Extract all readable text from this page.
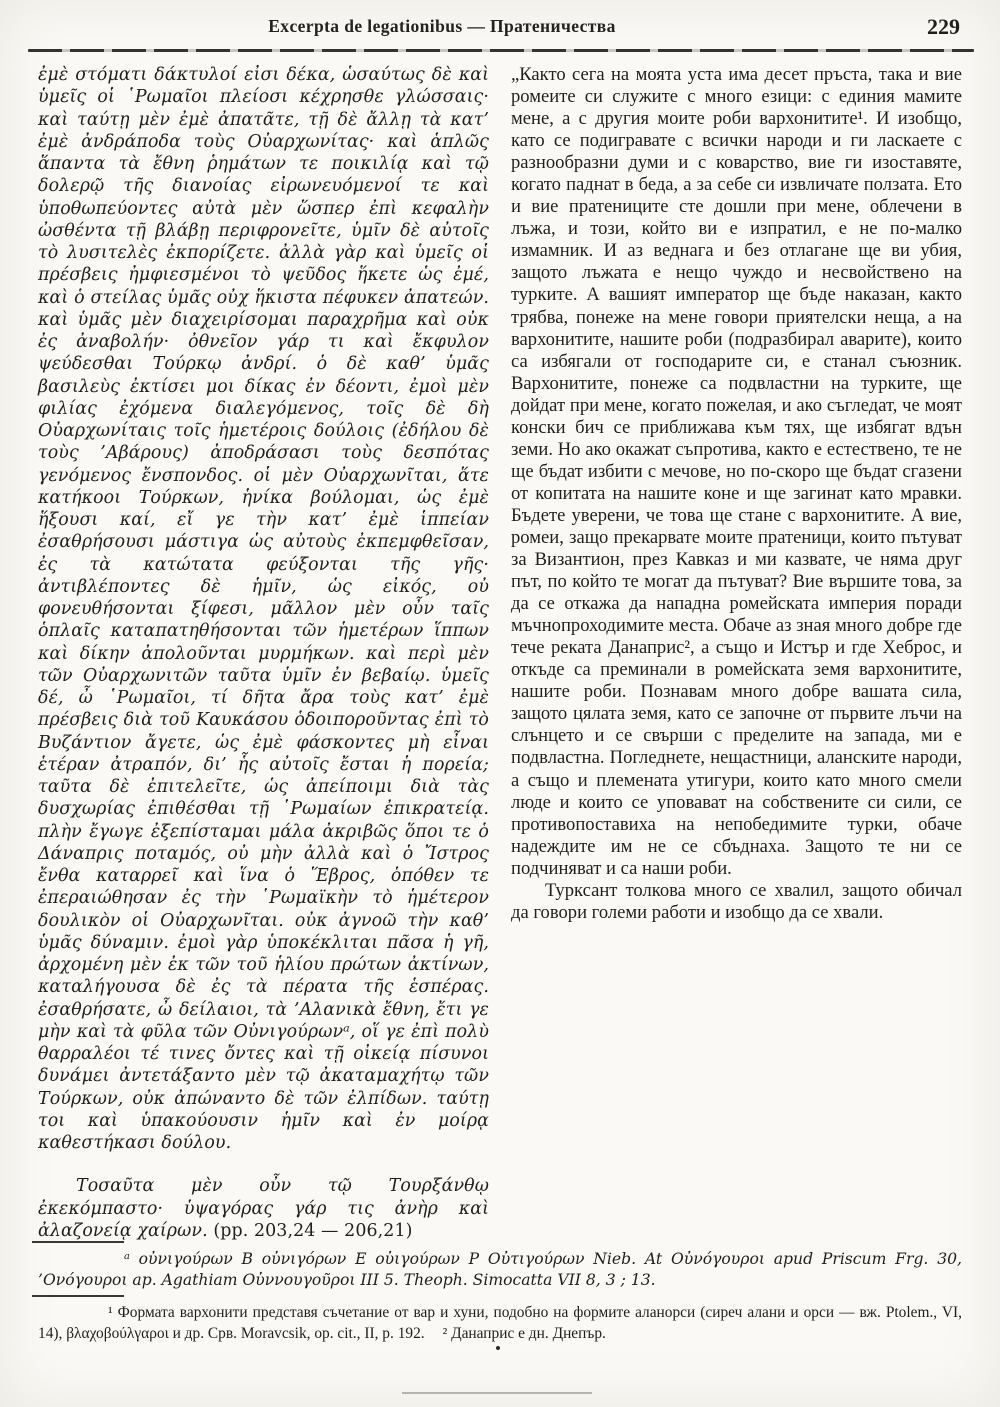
Excerpta de legationibus — Пратеничества	229

ἐμὲ στόματι δάκτυλοί εἰσι δέκα, ὡσαύτως δὲ καὶ ὑμεῖς οἱ ῾Ρωμαῖοι πλείοσι κέχρησθε γλώσσαις· καὶ ταύτῃ μὲν ἐμὲ ἀπατᾶτε, τῇ δὲ ἄλλῃ τὰ κατ’ ἐμὲ ἀνδράποδα τοὺς Οὐαρχωνίτας· καὶ ἁπλῶς ἅπαντα τὰ ἔθνη ῥημάτων τε ποικιλίᾳ καὶ τῷ δολερῷ τῆς διανοίας εἰρωνευόμενοί τε καὶ ὑποθωπεύοντες αὐτὰ μὲν ὥσπερ ἐπὶ κεφαλὴν ὠσθέντα τῇ βλάβῃ περιφρονεῖτε, ὑμῖν δὲ αὐτοῖς τὸ λυσιτελὲς ἐκπορίζετε. ἀλλὰ γὰρ καὶ ὑμεῖς οἱ πρέσβεις ἠμφιεσμένοι τὸ ψεῦδος ἥκετε ὡς ἐμέ, καὶ ὁ στείλας ὑμᾶς οὐχ ἥκιστα πέφυκεν ἀπατεών. καὶ ὑμᾶς μὲν διαχειρίσομαι παραχρῆμα καὶ οὐκ ἐς ἀναβολήν· ὀθνεῖον γάρ τι καὶ ἔκφυλον ψεύδεσθαι Τούρκῳ ἀνδρί. ὁ δὲ καθ’ ὑμᾶς βασιλεὺς ἐκτίσει μοι δίκας ἐν δέοντι, ἐμοὶ μὲν φιλίας ἐχόμενα διαλεγόμενος, τοῖς δὲ δὴ Οὐαρχωνίταις τοῖς ἡμετέροις δούλοις (ἐδήλου δὲ τοὺς ’Αβάρους) ἀποδράσασι τοὺς δεσπότας γενόμενος ἔνσπονδος. οἱ μὲν Οὐαρχωνῖται, ἅτε κατήκοοι Τούρκων, ἡνίκα βούλομαι, ὡς ἐμὲ ἥξουσι καί, εἴ γε τὴν κατ’ ἐμὲ ἱππείαν ἐσαθρήσουσι μάστιγα ὡς αὐτοὺς ἐκπεμφθεῖσαν, ἐς τὰ κατώτατα φεύξονται τῆς γῆς· ἀντιβλέποντες δὲ ἡμῖν, ὡς εἰκός, οὐ φονευθήσονται ξίφεσι, μᾶλλον μὲν οὖν ταῖς ὁπλαῖς καταπατηθήσονται τῶν ἡμετέρων ἵππων καὶ δίκην ἀπολοῦνται μυρμήκων. καὶ περὶ μὲν τῶν Οὐαρχωνιτῶν ταῦτα ὑμῖν ἐν βεβαίῳ. ὑμεῖς δέ, ὦ ῾Ρωμαῖοι, τί δῆτα ἄρα τοὺς κατ’ ἐμὲ πρέσβεις διὰ τοῦ Καυκάσου ὁδοιποροῦντας ἐπὶ τὸ Βυζάντιον ἄγετε, ὡς ἐμὲ φάσκοντες μὴ εἶναι ἑτέραν ἀτραπόν, δι’ ἧς αὐτοῖς ἔσται ἡ πορεία; ταῦτα δὲ ἐπιτελεῖτε, ὡς ἀπείποιμι διὰ τὰς δυσχωρίας ἐπιθέσθαι τῇ ῾Ρωμαίων ἐπικρατείᾳ. πλὴν ἔγωγε ἐξεπίσταμαι μάλα ἀκριβῶς ὅποι τε ὁ Δάναπρις ποταμός, οὐ μὴν ἀλλὰ καὶ ὁ Ἴστρος ἔνθα καταρρεῖ καὶ ἵνα ὁ Ἕβρος, ὁπόθεν τε ἐπεραιώθησαν ἐς τὴν ῾Ρωμαϊκὴν τὸ ἡμέτερον δουλικὸν οἱ Οὐαρχωνῖται. οὐκ ἀγνοῶ τὴν καθ’ ὑμᾶς δύναμιν. ἐμοὶ γὰρ ὑποκέκλιται πᾶσα ἡ γῆ, ἀρχομένη μὲν ἐκ τῶν τοῦ ἡλίου πρώτων ἀκτίνων, καταλήγουσα δὲ ἐς τὰ πέρατα τῆς ἑσπέρας. ἐσαθρήσατε, ὦ δείλαιοι, τὰ ’Αλανικὰ ἔθνη, ἔτι γε μὴν καὶ τὰ φῦλα τῶν Οὐνιγούρωνᵃ, οἵ γε ἐπὶ πολὺ θαρραλέοι τέ τινες ὄντες καὶ τῇ οἰκείᾳ πίσυνοι δυνάμει ἀντετάξαντο μὲν τῷ ἀκαταμαχήτῳ τῶν Τούρκων, οὐκ ἀπώναντο δὲ τῶν ἐλπίδων. ταύτῃ τοι καὶ ὑπακούουσιν ἡμῖν καὶ ἐν μοίρᾳ καθεστήκασι δούλου.

Τοσαῦτα μὲν οὖν τῷ Τουρξάνθῳ ἐκεκόμπαστο· ὑψαγόρας γάρ τις ἀνὴρ καὶ ἀλαζονείᾳ χαίρων. (pp. 203,24 — 206,21)

„Както сега на моята уста има десет пръста, така и вие ромеите си служите с много езици: с единия мамите мене, а с другия моите роби вархонитите¹. И изобщо, като се подигравате с всички народи и ги ласкаете с разнообразни думи и с коварство, вие ги изоставяте, когато паднат в беда, а за себе си извличате ползата. Ето и вие пратениците сте дошли при мене, облечени в лъжа, и този, който ви е изпратил, е не по-малко измамник. И аз веднага и без отлагане ще ви убия, защото лъжата е нещо чуждо и несвойствено на турките. А вашият император ще бъде наказан, както трябва, понеже на мене говори приятелски неща, а на вархонитите, нашите роби (подразбирал аварите), които са избягали от господарите си, е станал съюзник. Вархонитите, понеже са подвластни на турките, ще дойдат при мене, когато пожелая, и ако съгледат, че моят конски бич се приближава към тях, ще избягат вдън земи. Но ако окажат съпротива, както е естествено, те не ще бъдат избити с мечове, но по-скоро ще бъдат сгазени от копитата на нашите коне и ще загинат като мравки. Бъдете уверени, че това ще стане с вархонитите. А вие, ромеи, защо прекарвате моите пратеници, които пътуват за Византион, през Кавказ и ми казвате, че няма друг път, по който те могат да пътуват? Вие вършите това, за да се откажа да нападна ромейската империя поради мъчнопроходимите места. Обаче аз зная много добре где тече реката Данаприс², а също и Истър и где Хеброс, и откъде са преминали в ромейската земя вархонитите, нашите роби. Познавам много добре вашата сила, защото цялата земя, като се започне от първите лъчи на слънцето и се свърши с пределите на запада, ми е подвластна. Погледнете, нещастници, аланските народи, а също и племената утигури, които като много смели люде и които се уповават на собствените си сили, се противопоставиха на непобедимите турки, обаче надеждите им не се сбъднаха. Защото те ни се подчиняват и са наши роби.

Турксант толкова много се хвалил, защото обичал да говори големи работи и изобщо да се хвали.

ᵃ οὐνιγούρων B οὐνιγόρων E οὐιγούρων P Οὐτιγούρων Nieb. At Οὐνόγουροι apud Priscum Frg. 30, ’Ονόγουροι ap. Agathiam Οὐννουγοῦροι III 5. Theoph. Simocatta VII 8, 3 ; 13.

¹ Формата вархонити представя съчетание от вар и хуни, подобно на формите аланорси (сиреч алани и орси — вж. Ptolem., VI, 14), βλαχοβούλγαροι и др. Срв. Moravcsik, op. cit., II, p. 192. ² Данаприс е дн. Днепър.
